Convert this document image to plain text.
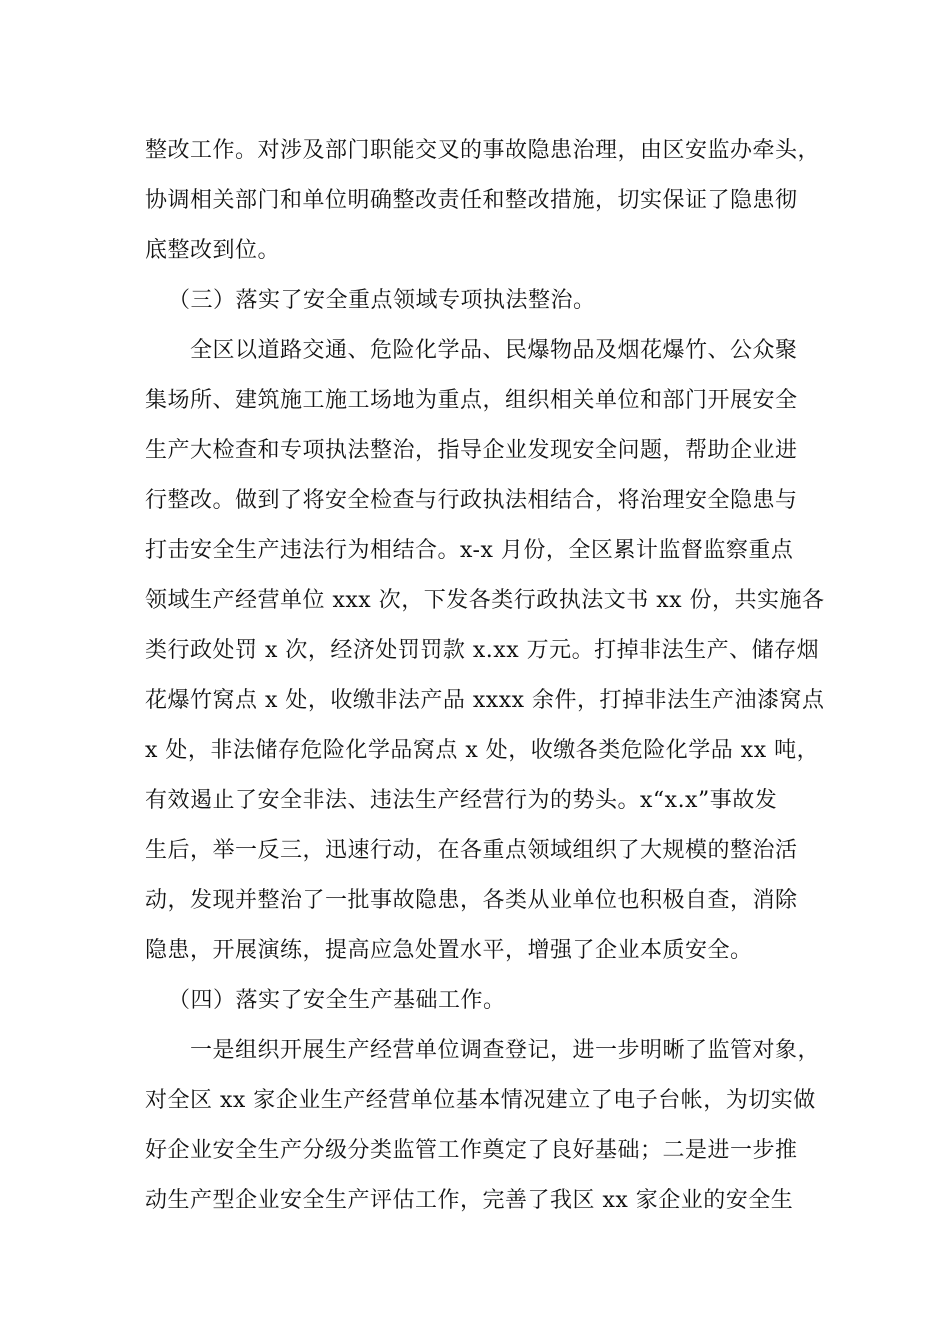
整改工作。对涉及部门职能交叉的事故隐患治理，由区安监办牵头，
协调相关部门和单位明确整改责任和整改措施，切实保证了隐患彻
底整改到位。
（三）落实了安全重点领域专项执法整治。
全区以道路交通、危险化学品、民爆物品及烟花爆竹、公众聚
集场所、建筑施工施工场地为重点，组织相关单位和部门开展安全
生产大检查和专项执法整治，指导企业发现安全问题，帮助企业进
行整改。做到了将安全检查与行政执法相结合，将治理安全隐患与
打击安全生产违法行为相结合。x-x 月份，全区累计监督监察重点
领域生产经营单位 xxx 次，下发各类行政执法文书 xx 份，共实施各
类行政处罚 x 次，经济处罚罚款 x.xx 万元。打掉非法生产、储存烟
花爆竹窝点 x 处，收缴非法产品 xxxx 余件，打掉非法生产油漆窝点
x 处，非法储存危险化学品窝点 x 处，收缴各类危险化学品 xx 吨，
有效遏止了安全非法、违法生产经营行为的势头。x“x.x”事故发
生后，举一反三，迅速行动，在各重点领域组织了大规模的整治活
动，发现并整治了一批事故隐患，各类从业单位也积极自查，消除
隐患，开展演练，提高应急处置水平，增强了企业本质安全。
（四）落实了安全生产基础工作。
一是组织开展生产经营单位调查登记，进一步明晰了监管对象，
对全区 xx 家企业生产经营单位基本情况建立了电子台帐，为切实做
好企业安全生产分级分类监管工作奠定了良好基础；二是进一步推
动生产型企业安全生产评估工作，完善了我区 xx 家企业的安全生
